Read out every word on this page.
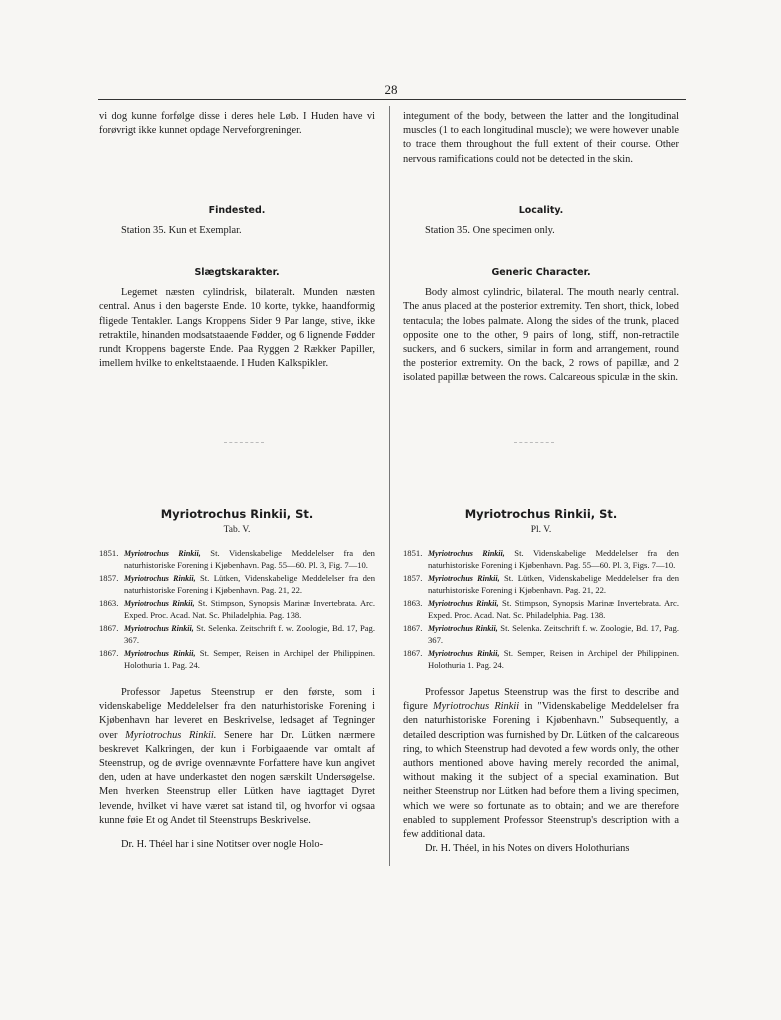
28

vi dog kunne forfølge disse i deres hele Løb. I Huden have vi forøvrigt ikke kunnet opdage Nerveforgreninger.

Findested.

Station 35. Kun et Exemplar.

Slægtskarakter.

Legemet næsten cylindrisk, bilateralt. Munden næsten central. Anus i den bagerste Ende. 10 korte, tykke, haandformig fligede Tentakler. Langs Kroppens Sider 9 Par lange, stive, ikke retraktile, hinanden modsatstaaende Fødder, og 6 lignende Fødder rundt Kroppens bagerste Ende. Paa Ryggen 2 Rækker Papiller, imellem hvilke to enkeltstaaende. I Huden Kalkspikler.

Myriotrochus Rinkii, St.

Tab. V.

1851. Myriotrochus Rinkii, St. Videnskabelige Meddelelser fra den naturhistoriske Forening i Kjøbenhavn. Pag. 55—60. Pl. 3, Fig. 7—10.
1857. Myriotrochus Rinkii, St. Lütken, Videnskabelige Meddelelser fra den naturhistoriske Forening i Kjøbenhavn. Pag. 21, 22.
1863. Myriotrochus Rinkii, St. Stimpson, Synopsis Marinæ Invertebrata. Arc. Exped. Proc. Acad. Nat. Sc. Philadelphia. Pag. 138.
1867. Myriotrochus Rinkii, St. Selenka. Zeitschrift f. w. Zoologie, Bd. 17, Pag. 367.
1867. Myriotrochus Rinkii, St. Semper, Reisen in Archipel der Philippinen. Holothuria 1. Pag. 24.

Professor Japetus Steenstrup er den første, som i videnskabelige Meddelelser fra den naturhistoriske Forening i Kjøbenhavn har leveret en Beskrivelse, ledsaget af Tegninger over Myriotrochus Rinkii. Senere har Dr. Lütken nærmere beskrevet Kalkringen, der kun i Forbigaaende var omtalt af Steenstrup, og de øvrige ovennævnte Forfattere have kun angivet den, uden at have underkastet den nogen særskilt Undersøgelse. Men hverken Steenstrup eller Lütken have iagttaget Dyret levende, hvilket vi have været sat istand til, og hvorfor vi ogsaa kunne føie Et og Andet til Steenstrups Beskrivelse.

Dr. H. Théel har i sine Notitser over nogle Holo-

integument of the body, between the latter and the longitudinal muscles (1 to each longitudinal muscle); we were however unable to trace them throughout the full extent of their course. Other nervous ramifications could not be detected in the skin.

Locality.

Station 35. One specimen only.

Generic Character.

Body almost cylindric, bilateral. The mouth nearly central. The anus placed at the posterior extremity. Ten short, thick, lobed tentacula; the lobes palmate. Along the sides of the trunk, placed opposite one to the other, 9 pairs of long, stiff, non-retractile suckers, and 6 suckers, similar in form and arrangement, round the posterior extremity. On the back, 2 rows of papillæ, and 2 isolated papillæ between the rows. Calcareous spiculæ in the skin.

Myriotrochus Rinkii, St.

Pl. V.

1851. Myriotrochus Rinkii, St. Videnskabelige Meddelelser fra den naturhistoriske Forening i Kjøbenhavn. Pag. 55—60. Pl. 3, Figs. 7—10.
1857. Myriotrochus Rinkii, St. Lütken, Videnskabelige Meddelelser fra den naturhistoriske Forening i Kjøbenhavn. Pag. 21, 22.
1863. Myriotrochus Rinkii, St. Stimpson, Synopsis Marinæ Invertebrata. Arc. Exped. Proc. Acad. Nat. Sc. Philadelphia. Pag. 138.
1867. Myriotrochus Rinkii, St. Selenka. Zeitschrift f. w. Zoologie, Bd. 17, Pag. 367.
1867. Myriotrochus Rinkii, St. Semper, Reisen in Archipel der Philippinen. Holothuria 1. Pag. 24.

Professor Japetus Steenstrup was the first to describe and figure Myriotrochus Rinkii in "Videnskabelige Meddelelser fra den naturhistoriske Forening i Kjøbenhavn." Subsequently, a detailed description was furnished by Dr. Lütken of the calcareous ring, to which Steenstrup had devoted a few words only, the other authors mentioned above having merely recorded the animal, without making it the subject of a special examination. But neither Steenstrup nor Lütken had before them a living specimen, which we were so fortunate as to obtain; and we are therefore enabled to supplement Professor Steenstrup's description with a few additional data.

Dr. H. Théel, in his Notes on divers Holothurians
